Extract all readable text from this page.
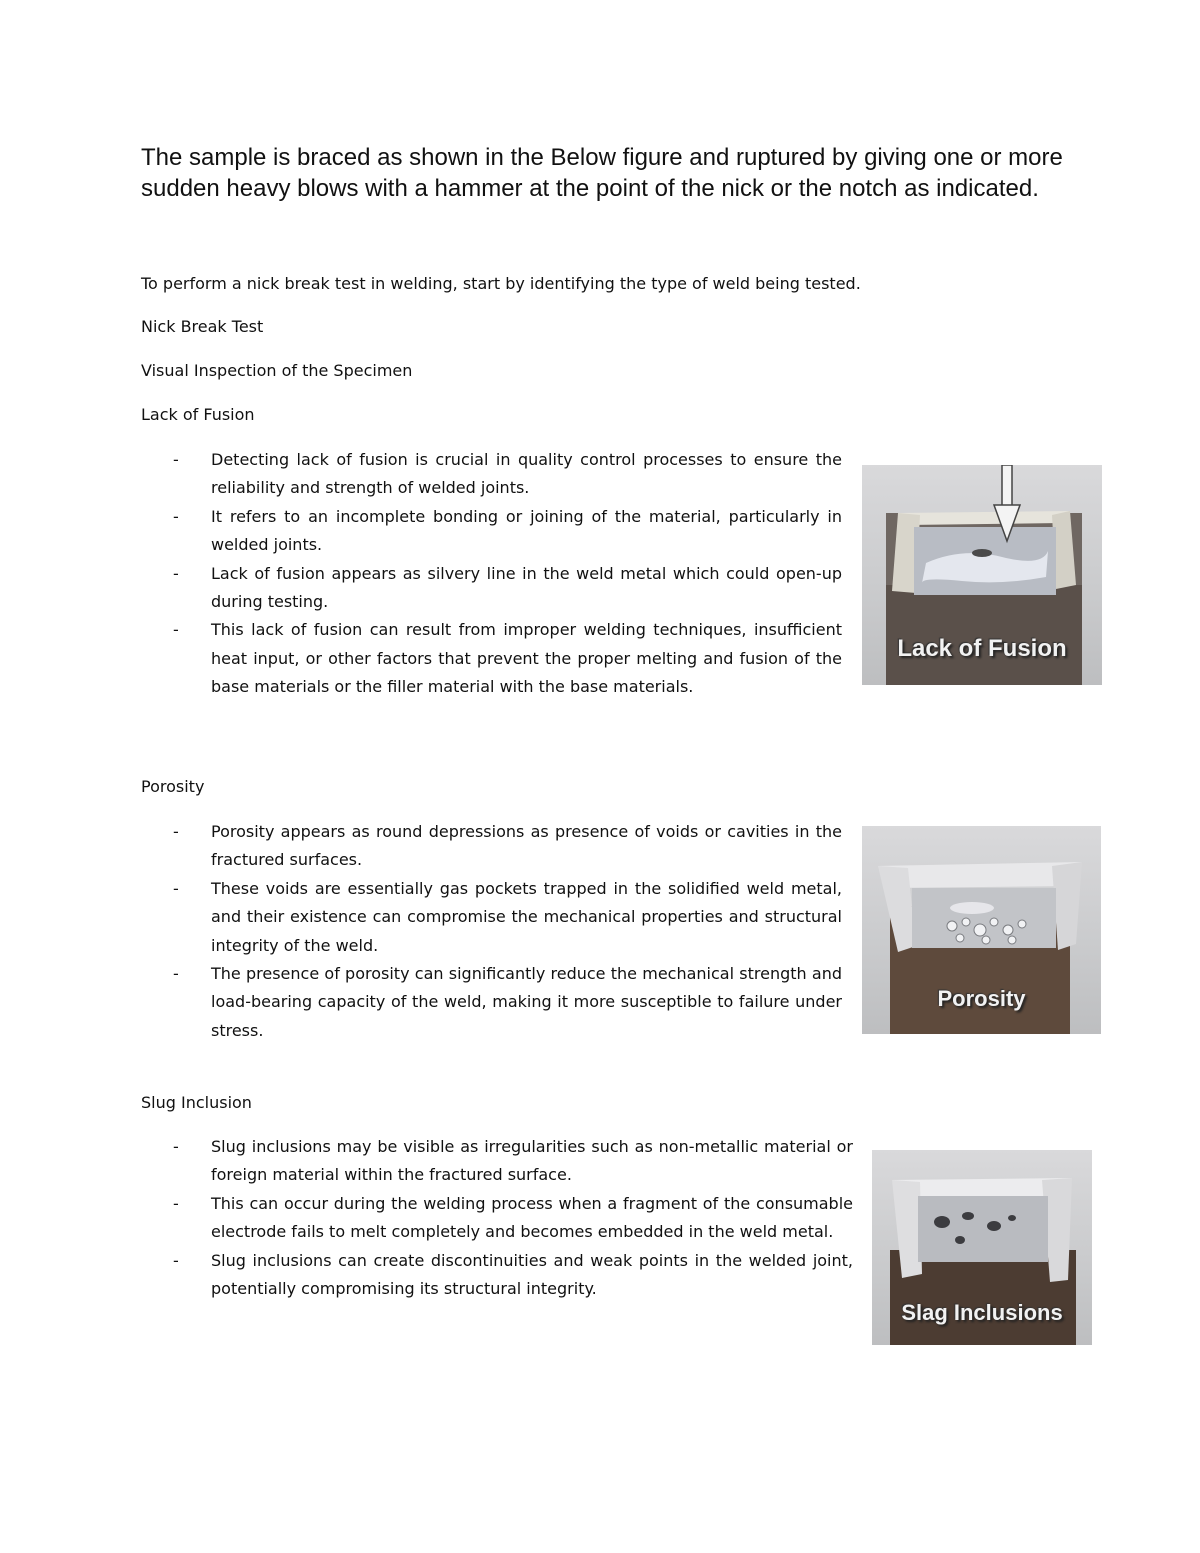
The sample is braced as shown in the Below figure and ruptured by giving one or more sudden heavy blows with a hammer at the point of the nick or the notch as indicated.

To perform a nick break test in welding, start by identifying the type of weld being tested.

Nick Break Test

Visual Inspection of the Specimen

Lack of Fusion

- Detecting lack of fusion is crucial in quality control processes to ensure the reliability and strength of welded joints.
- It refers to an incomplete bonding or joining of the material, particularly in welded joints.
- Lack of fusion appears as silvery line in the weld metal which could open-up during testing.
- This lack of fusion can result from improper welding techniques, insufficient heat input, or other factors that prevent the proper melting and fusion of the base materials or the filler material with the base materials.
Lack of Fusion

Porosity

- Porosity appears as round depressions as presence of voids or cavities in the fractured surfaces.
- These voids are essentially gas pockets trapped in the solidified weld metal, and their existence can compromise the mechanical properties and structural integrity of the weld.
- The presence of porosity can significantly reduce the mechanical strength and load-bearing capacity of the weld, making it more susceptible to failure under stress.
Porosity

Slug Inclusion

- Slug inclusions may be visible as irregularities such as non-metallic material or foreign material within the fractured surface.
- This can occur during the welding process when a fragment of the consumable electrode fails to melt completely and becomes embedded in the weld metal.
- Slug inclusions can create discontinuities and weak points in the welded joint, potentially compromising its structural integrity.
Slag Inclusions
